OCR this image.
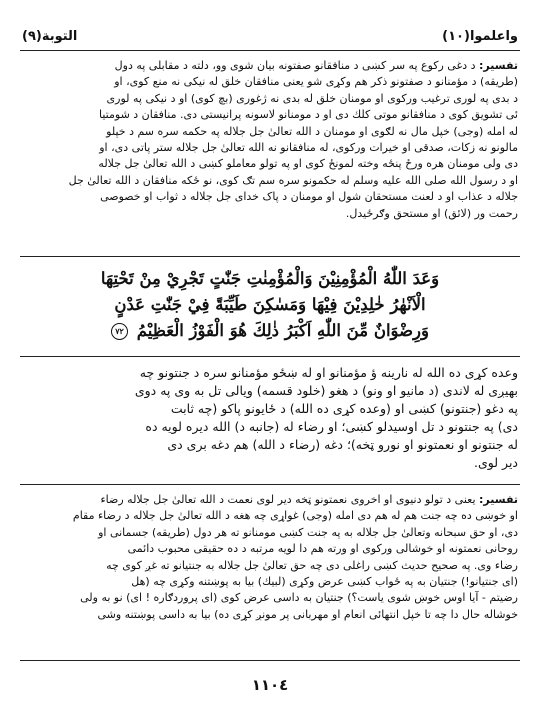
واعلموا(۱۰)
التوبة(۹)

تفسير: د دغى ركوع په سر كښى د منافقانو صفتونه بيان شوى وو، دلته د مقابلى په دول

(طريقه) د مؤمنانو د صفتونو ذكر هم وكړى شو يعنى منافقان خلق له نيكى نه منع كوى، او

د بدى په لورى ترغيب وركوى او مومنان خلق له بدى نه ژغورى (بچ كوى) او د نيكى په لورى

ئى تشويق كوى د منافقانو موتى كلك دى او د مومنانو لاسونه پرانيستى دى. منافقان د شومتيا

له امله (وجى) خپل مال نه لګوى او مومنان د الله تعالىٰ جل جلاله په حكمه سره سم د خپلو

مالونو نه زكات، صدقى او خيرات وركوى، له منافقانو نه الله تعالىٰ جل جلاله ستر پاتى دى، او

دى ولى مومنان هره ورځ پنځه وخته لمونځ كوى او په تولو معاملو كښى د الله تعالىٰ جل جلاله

او د رسول الله صلى الله عليه وسلم له حكمونو سره سم تګ كوى، نو ځكه منافقان د الله تعالىٰ جل

جلاله د عذاب او د لعنت مستحقان شول او مومنان د پاک خداى جل جلاله د ثواب او خصوصى

رحمت ور (لائق) او مستحق وګرځيدل.

وَعَدَ اللّٰهُ الْمُؤْمِنِيْنَ وَالْمُؤْمِنٰتِ جَنّٰتٍ تَجْرِيْ مِنْ تَحْتِهَا
الْاَنْهٰرُ خٰلِدِيْنَ فِيْهَا وَمَسٰكِنَ طَيِّبَةً فِيْ جَنّٰتِ عَدْنٍ
وَرِضْوَانٌ مِّنَ اللّٰهِ اَكْبَرُ ذٰلِكَ هُوَ الْفَوْزُ الْعَظِيْمُ ۷۲

وعده كړى ده الله له نارينه ؤ مؤمنانو او له ښځو مؤمنانو سره د جنتونو چه

بهيږى له لاندى (د مانيو او ونو) د هغو (خلود قسمه) ويالى تل به وى په دوى

په دغو (جنتونو) كښى او (وعده كړى ده الله) د ځايونو پاكو (چه ثابت

دى) په جنتونو د تل اوسيدلو كښى؛ او رضاء له (جانبه د) الله ديره لويه ده

له جنتونو او نعمتونو او نورو ټخه)؛ دغه (رضاء د الله) هم دغه برى دى

دير لوى.

تفسير: يعنى د تولو دنيوى او اخروى نعمتونو ټخه دير لوى نعمت د الله تعالىٰ جل جلاله رضاء

او خوښى ده چه جنت هم له هم دى امله (وجى) غواړى چه هغه د الله تعالىٰ جل جلاله د رضاء مقام

دى، او حق سبحانه وتعالىٰ جل جلاله به په جنت كښى مومنانو ته هر دول (طريقه) جسمانى او

روحانى نعمتونه او خوشالى وركوى او ورته هم دا لويه مرتبه د ده حقيقى محبوب دائمى

رضاء وى. په صحيح حديث كښى راغلى دى چه حق تعالىٰ جل جلاله به جنتيانو ته غږ كوى چه

(اى جنتيانو!) جنتيان به په ځواب كښى عرض وكړى (لبيك) بيا به پوښتنه وكړى چه (هل

رضيتم - آيا اوس خوښ شوى ياست؟) جنتيان به داسى عرض كوى (اى پروردګاره ! اى) نو به ولى

خوشاله حال دا چه تا خپل انتهائى انعام او مهربانى پر مونږ كړى ده) بيا به داسى پوښتنه وشى

۱۱۰٤
